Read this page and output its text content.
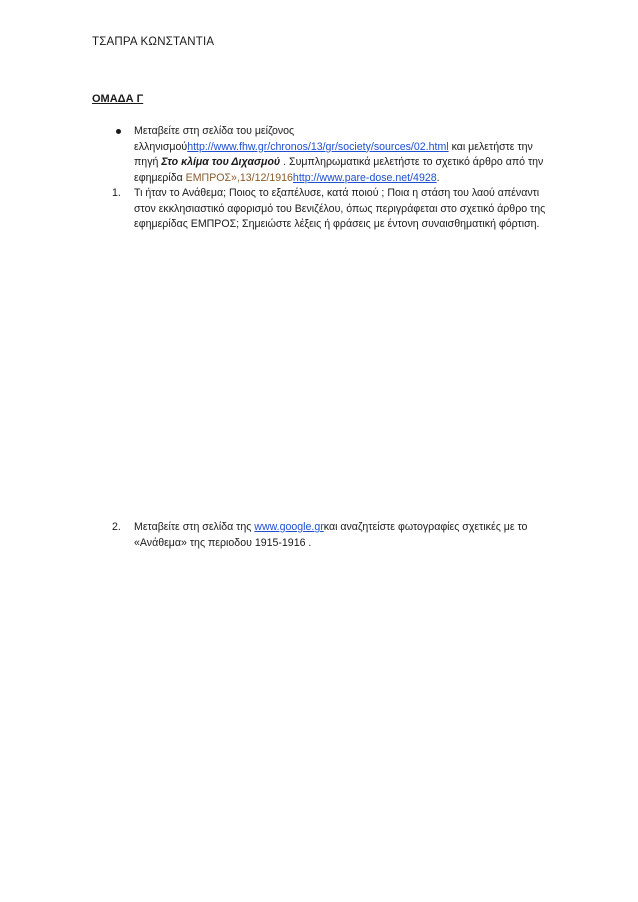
ΤΣΑΠΡΑ ΚΩΝΣΤΑΝΤΙΑ
ΟΜΑΔΑ Γ
Μεταβείτε στη σελίδα του μείζονος ελληνισμούhttp://www.fhw.gr/chronos/13/gr/society/sources/02.html και μελετήστε την πηγή Στο κλίμα του Διχασμού . Συμπληρωματικά μελετήστε το σχετικό άρθρο από την εφημερίδα ΕΜΠΡΟΣ»,13/12/1916http://www.pare-dose.net/4928.
1. Τι ήταν το Ανάθεμα; Ποιος το εξαπέλυσε, κατά ποιού ; Ποια η στάση του λαού απέναντι στον εκκλησιαστικό αφορισμό του Βενιζέλου, όπως περιγράφεται στο σχετικό άρθρο της εφημερίδας ΕΜΠΡΟΣ; Σημειώστε λέξεις ή φράσεις με έντονη συναισθηματική φόρτιση.
2. Μεταβείτε στη σελίδα της www.google.grκαι αναζητείστε φωτογραφίες σχετικές με το «Ανάθεμα» της περιοδου 1915-1916 .
